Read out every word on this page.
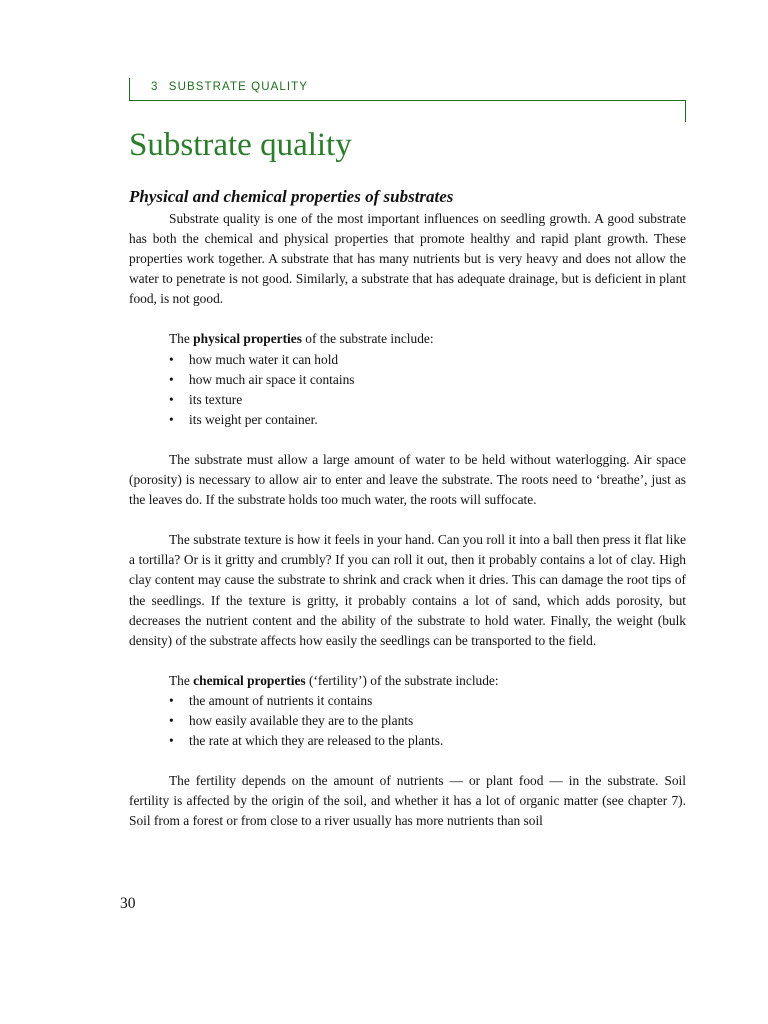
3 SUBSTRATE QUALITY
Substrate quality
Physical and chemical properties of substrates

Substrate quality is one of the most important influences on seedling growth. A good substrate has both the chemical and physical properties that promote healthy and rapid plant growth. These properties work together. A substrate that has many nutrients but is very heavy and does not allow the water to penetrate is not good. Similarly, a substrate that has adequate drainage, but is deficient in plant food, is not good.

The physical properties of the substrate include:
• how much water it can hold
• how much air space it contains
• its texture
• its weight per container.

The substrate must allow a large amount of water to be held without waterlogging. Air space (porosity) is necessary to allow air to enter and leave the substrate. The roots need to ‘breathe’, just as the leaves do. If the substrate holds too much water, the roots will suffocate.

The substrate texture is how it feels in your hand. Can you roll it into a ball then press it flat like a tortilla? Or is it gritty and crumbly? If you can roll it out, then it probably contains a lot of clay. High clay content may cause the substrate to shrink and crack when it dries. This can damage the root tips of the seedlings. If the texture is gritty, it probably contains a lot of sand, which adds porosity, but decreases the nutrient content and the ability of the substrate to hold water. Finally, the weight (bulk density) of the substrate affects how easily the seedlings can be transported to the field.

The chemical properties (‘fertility’) of the substrate include:
• the amount of nutrients it contains
• how easily available they are to the plants
• the rate at which they are released to the plants.

The fertility depends on the amount of nutrients — or plant food — in the substrate. Soil fertility is affected by the origin of the soil, and whether it has a lot of organic matter (see chapter 7). Soil from a forest or from close to a river usually has more nutrients than soil

30
